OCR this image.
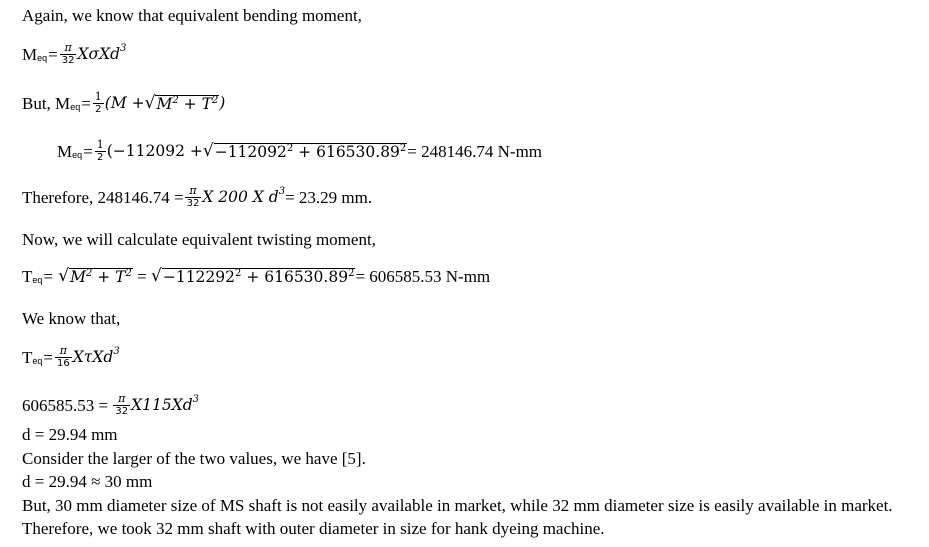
Again, we know that equivalent bending moment,
M eq = $\frac{\pi}{32}$ XσXd 3
But, M eq = $\frac{1}{2} (M$ + √ $M^2 + T^2$ )
M eq = $\frac{1}{2} (-112092$ + √ $-112092^2 + 616530.89^2 = 248146.74$ N-mm
Therefore, $248146.74 = \frac{\pi}{32}$ X 200 X d 3 = 23.29 mm.
Now, we will calculate equivalent twisting moment,
T eq = √ $M^2 + T^2$ = √ $-112292^2 + 616530.89^2 = 606585.53$ N-mm
We know that,
T eq = $\frac{\pi}{16}$ XτXd 3
$606585.53 = \frac{\pi}{32} X115Xd$ 3
d = 29.94 mm
Consider the larger of the two values, we have [5].
d = 29.94 ≈ 30 mm
But, 30 mm diameter size of MS shaft is not easily available in market, while 32 mm diameter size is easily available in market.
Therefore, we took 32 mm shaft with outer diameter in size for hank dyeing machine.
